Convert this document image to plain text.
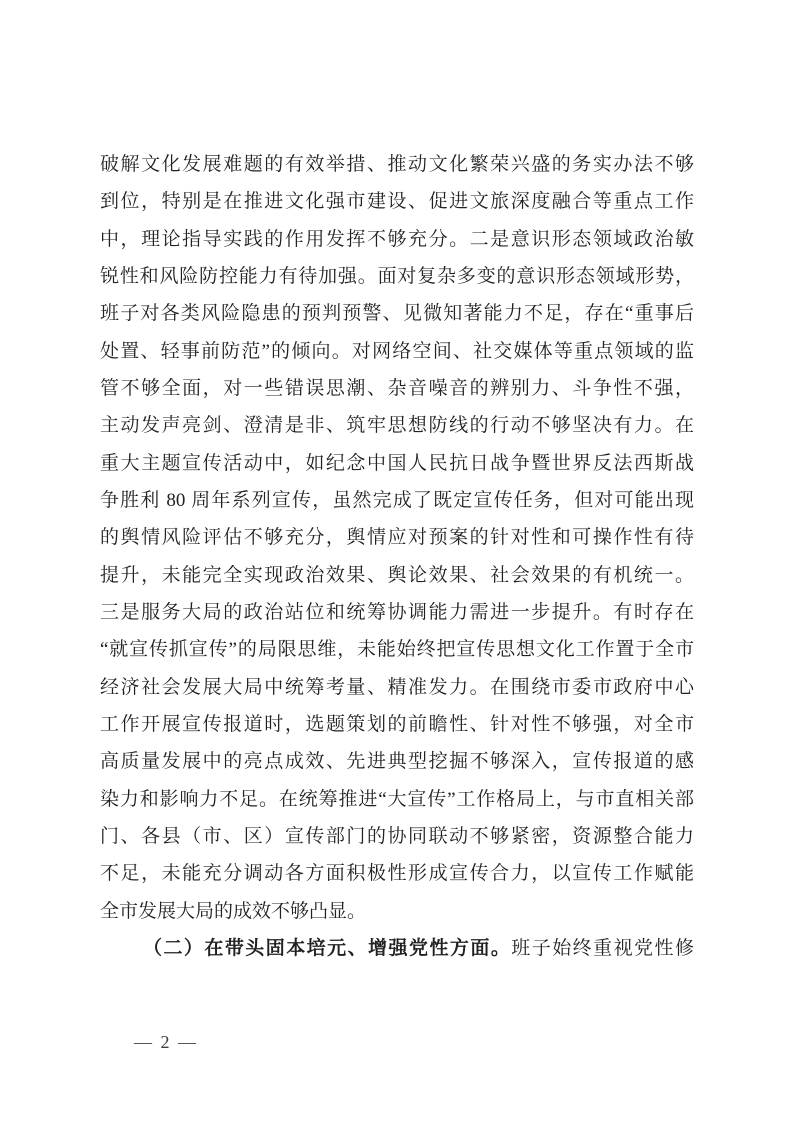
破解文化发展难题的有效举措、推动文化繁荣兴盛的务实办法不够
到位，特别是在推进文化强市建设、促进文旅深度融合等重点工作
中，理论指导实践的作用发挥不够充分。二是意识形态领域政治敏
锐性和风险防控能力有待加强。面对复杂多变的意识形态领域形势，
班子对各类风险隐患的预判预警、见微知著能力不足，存在“重事后
处置、轻事前防范”的倾向。对网络空间、社交媒体等重点领域的监
管不够全面，对一些错误思潮、杂音噪音的辨别力、斗争性不强，
主动发声亮剑、澄清是非、筑牢思想防线的行动不够坚决有力。在
重大主题宣传活动中，如纪念中国人民抗日战争暨世界反法西斯战
争胜利 80 周年系列宣传，虽然完成了既定宣传任务，但对可能出现
的舆情风险评估不够充分，舆情应对预案的针对性和可操作性有待
提升，未能完全实现政治效果、舆论效果、社会效果的有机统一。
三是服务大局的政治站位和统筹协调能力需进一步提升。有时存在
“就宣传抓宣传”的局限思维，未能始终把宣传思想文化工作置于全市
经济社会发展大局中统筹考量、精准发力。在围绕市委市政府中心
工作开展宣传报道时，选题策划的前瞻性、针对性不够强，对全市
高质量发展中的亮点成效、先进典型挖掘不够深入，宣传报道的感
染力和影响力不足。在统筹推进“大宣传”工作格局上，与市直相关部
门、各县（市、区）宣传部门的协同联动不够紧密，资源整合能力
不足，未能充分调动各方面积极性形成宣传合力，以宣传工作赋能
全市发展大局的成效不够凸显。
（二）在带头固本培元、增强党性方面。班子始终重视党性修
— 2 —
